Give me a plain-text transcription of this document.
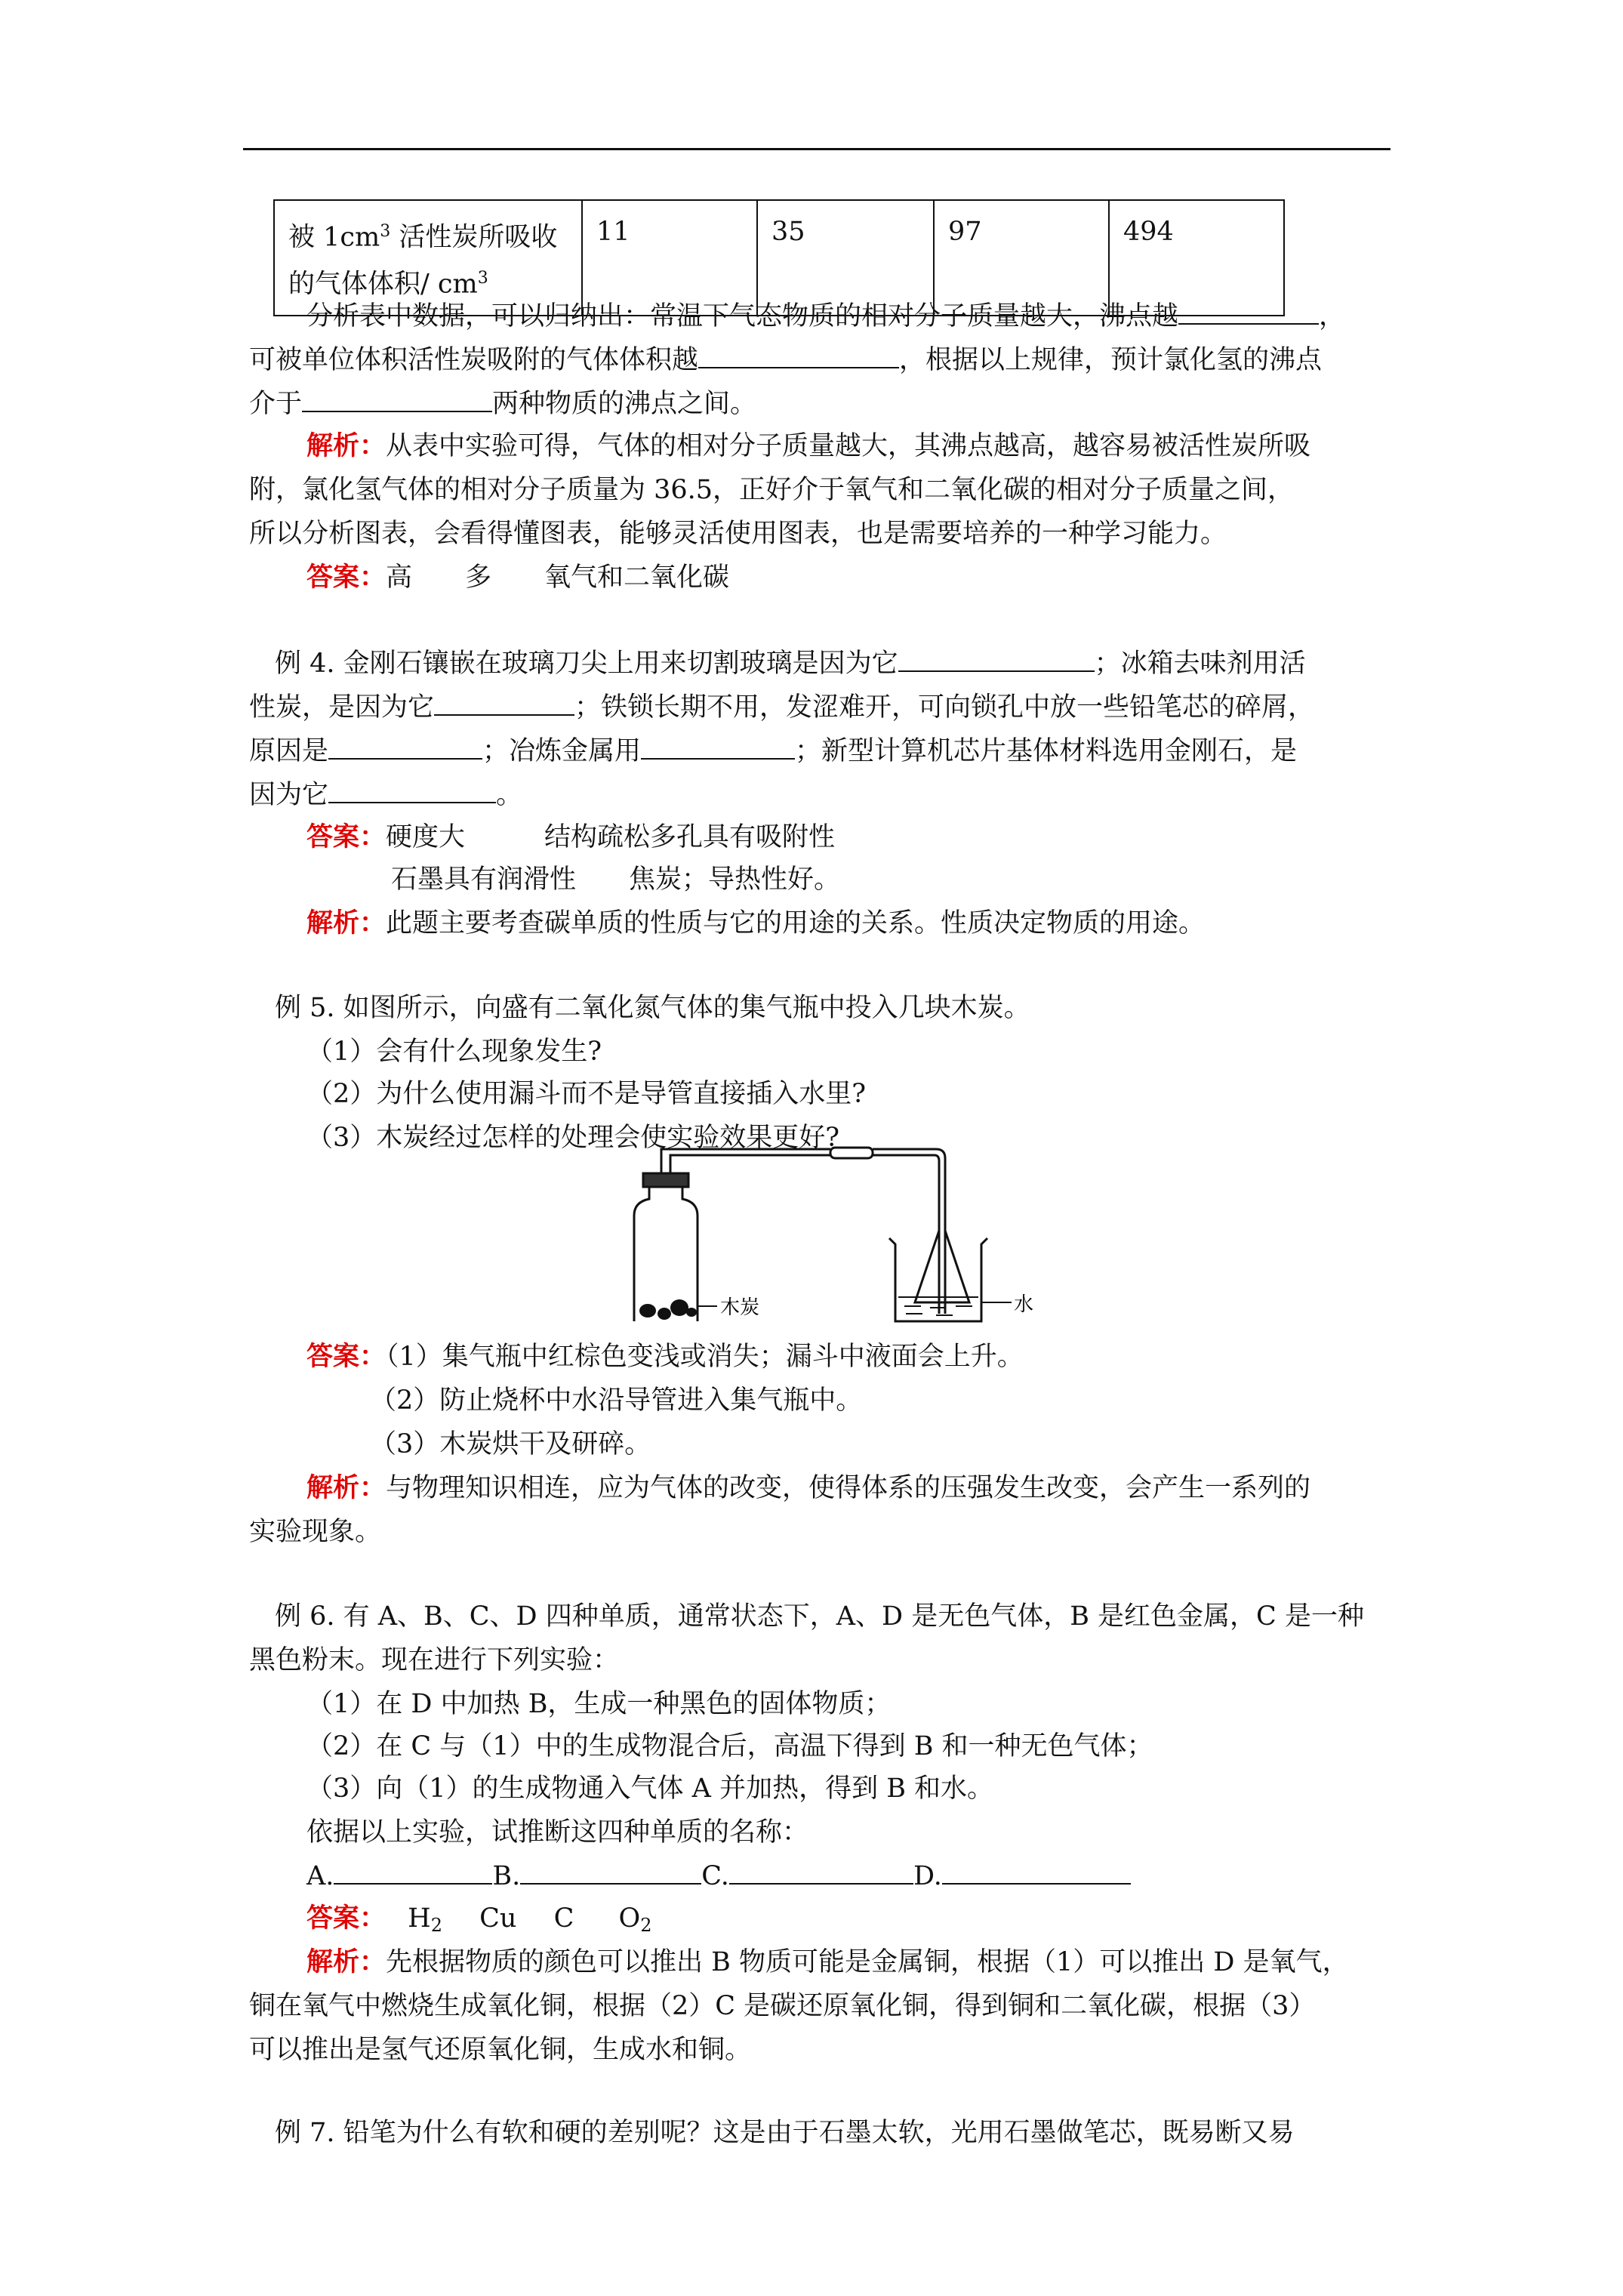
被 $1cm^3$ 活性炭所吸收
的气体体积/ $cm^3$	11	35	97	494
分析表中数据，可以归纳出：常温下气态物质的相对分子质量越大，沸点越	，
可被单位体积活性炭吸附的气体体积越	，根据以上规律，预计氯化氢的沸点
介于	两种物质的沸点之间。
解析：从表中实验可得，气体的相对分子质量越大，其沸点越高，越容易被活性炭所吸
附，氯化氢气体的相对分子质量为 36.5，正好介于氧气和二氧化碳的相对分子质量之间，
所以分析图表，会看得懂图表，能够灵活使用图表，也是需要培养的一种学习能力。
答案：高　　多　　氧气和二氧化碳
例 4. 金刚石镶嵌在玻璃刀尖上用来切割玻璃是因为它	；冰箱去味剂用活
性炭，是因为它	；铁锁长期不用，发涩难开，可向锁孔中放一些铅笔芯的碎屑，
原因是	；冶炼金属用	；新型计算机芯片基体材料选用金刚石，是
因为它	。
答案：硬度大　　　结构疏松多孔具有吸附性
石墨具有润滑性　　焦炭；导热性好。
解析：此题主要考查碳单质的性质与它的用途的关系。性质决定物质的用途。
例 5. 如图所示，向盛有二氧化氮气体的集气瓶中投入几块木炭。
（1）会有什么现象发生?
（2）为什么使用漏斗而不是导管直接插入水里?
（3）木炭经过怎样的处理会使实验效果更好?
木炭	水
答案：（1）集气瓶中红棕色变浅或消失；漏斗中液面会上升。
（2）防止烧杯中水沿导管进入集气瓶中。
（3）木炭烘干及研碎。
解析：与物理知识相连，应为气体的改变，使得体系的压强发生改变，会产生一系列的
实验现象。
例 6. 有 A、B、C、D 四种单质，通常状态下，A、D 是无色气体，B 是红色金属，C 是一种
黑色粉末。现在进行下列实验：
（1）在 D 中加热 B，生成一种黑色的固体物质；
（2）在 C 与（1）中的生成物混合后，高温下得到 B 和一种无色气体；
（3）向（1）的生成物通入气体 A 并加热，得到 B 和水。
依据以上实验，试推断这四种单质的名称：
A.	B.	C.	D.
答案： $H_2$ Cu C $O_2$
解析：先根据物质的颜色可以推出 B 物质可能是金属铜，根据（1）可以推出 D 是氧气，
铜在氧气中燃烧生成氧化铜，根据（2）C 是碳还原氧化铜，得到铜和二氧化碳，根据（3）
可以推出是氢气还原氧化铜，生成水和铜。
例 7. 铅笔为什么有软和硬的差别呢？这是由于石墨太软，光用石墨做笔芯，既易断又易
